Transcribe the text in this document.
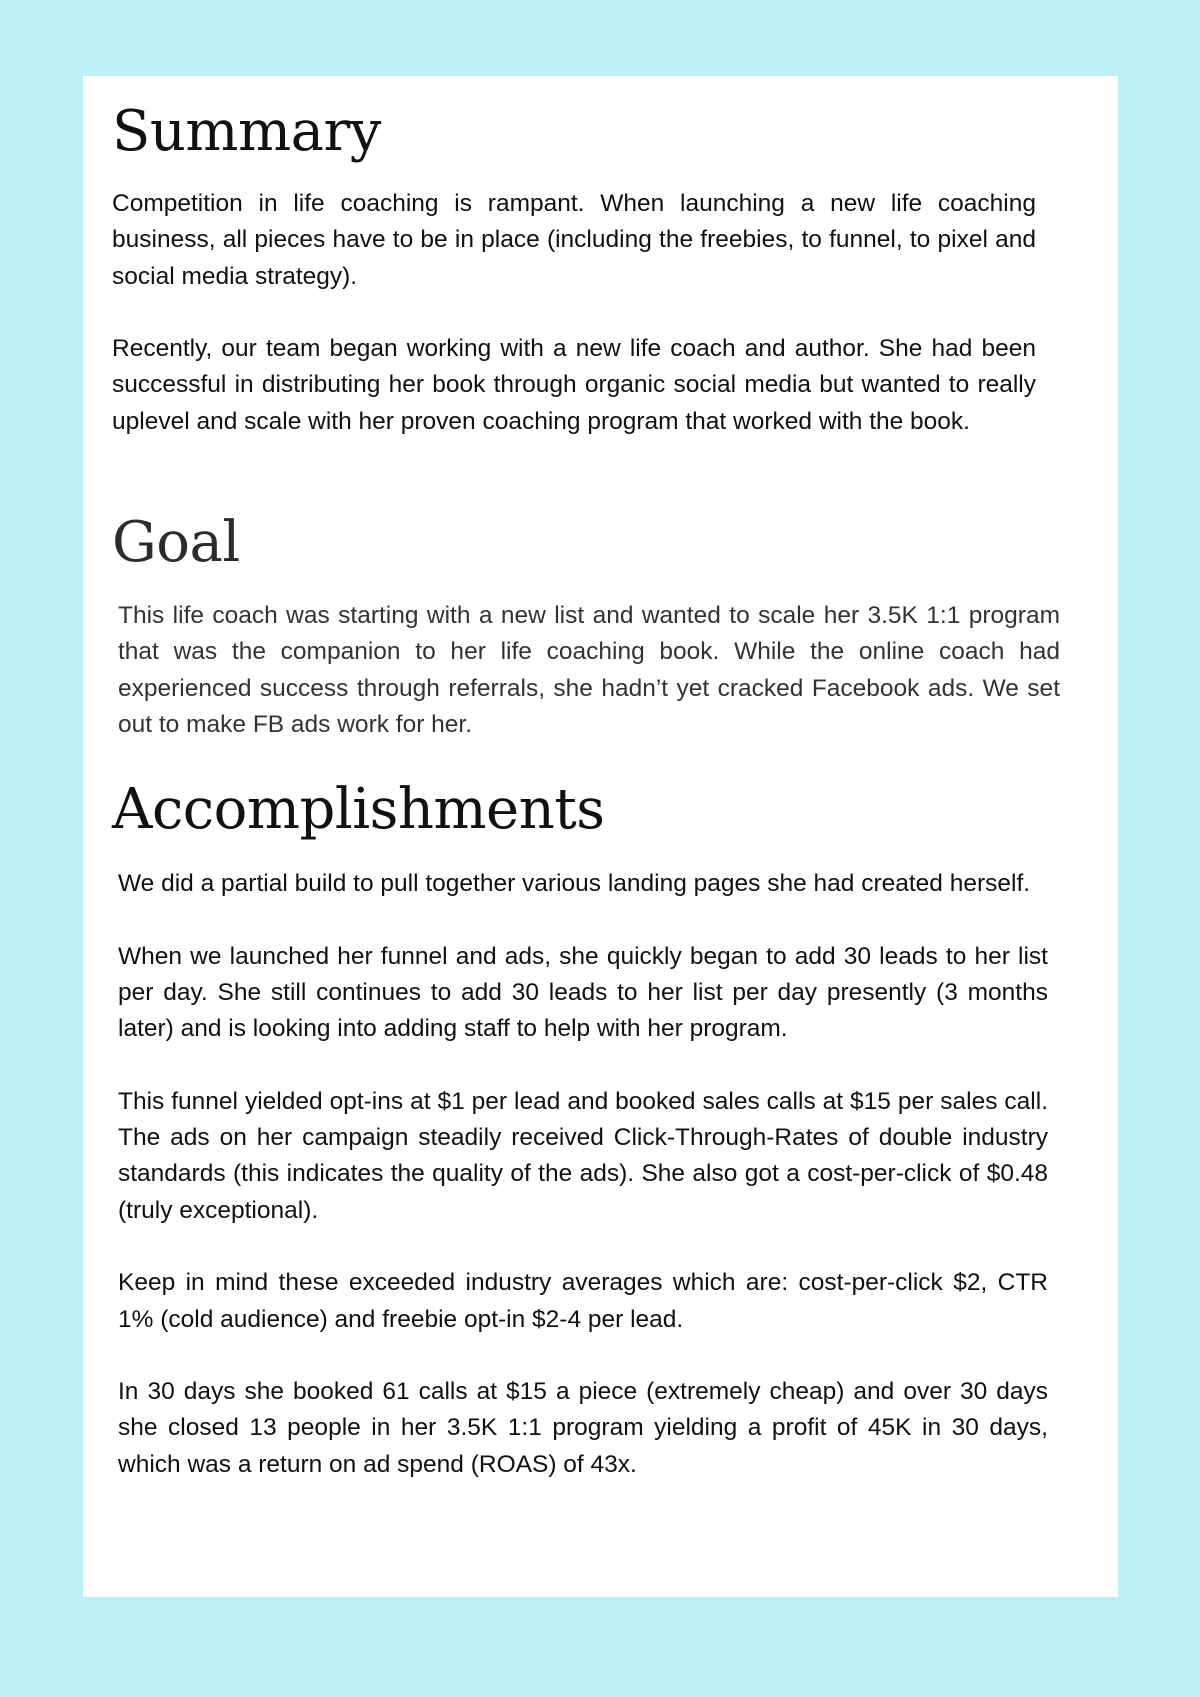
Summary

Competition in life coaching is rampant. When launching a new life coaching business, all pieces have to be in place (including the freebies, to funnel, to pixel and social media strategy).

Recently, our team began working with a new life coach and author. She had been successful in distributing her book through organic social media but wanted to really uplevel and scale with her proven coaching program that worked with the book.

Goal

This life coach was starting with a new list and wanted to scale her 3.5K 1:1 program that was the companion to her life coaching book. While the online coach had experienced success through referrals, she hadn’t yet cracked Facebook ads. We set out to make FB ads work for her.

Accomplishments

We did a partial build to pull together various landing pages she had created herself.

When we launched her funnel and ads, she quickly began to add 30 leads to her list per day. She still continues to add 30 leads to her list per day presently (3 months later) and is looking into adding staff to help with her program.

This funnel yielded opt-ins at $1 per lead and booked sales calls at $15 per sales call. The ads on her campaign steadily received Click-Through-Rates of double industry standards (this indicates the quality of the ads). She also got a cost-per-click of $0.48 (truly exceptional).

Keep in mind these exceeded industry averages which are: cost-per-click $2, CTR 1% (cold audience) and freebie opt-in $2-4 per lead.

In 30 days she booked 61 calls at $15 a piece (extremely cheap) and over 30 days she closed 13 people in her 3.5K 1:1 program yielding a profit of 45K in 30 days, which was a return on ad spend (ROAS) of 43x.
